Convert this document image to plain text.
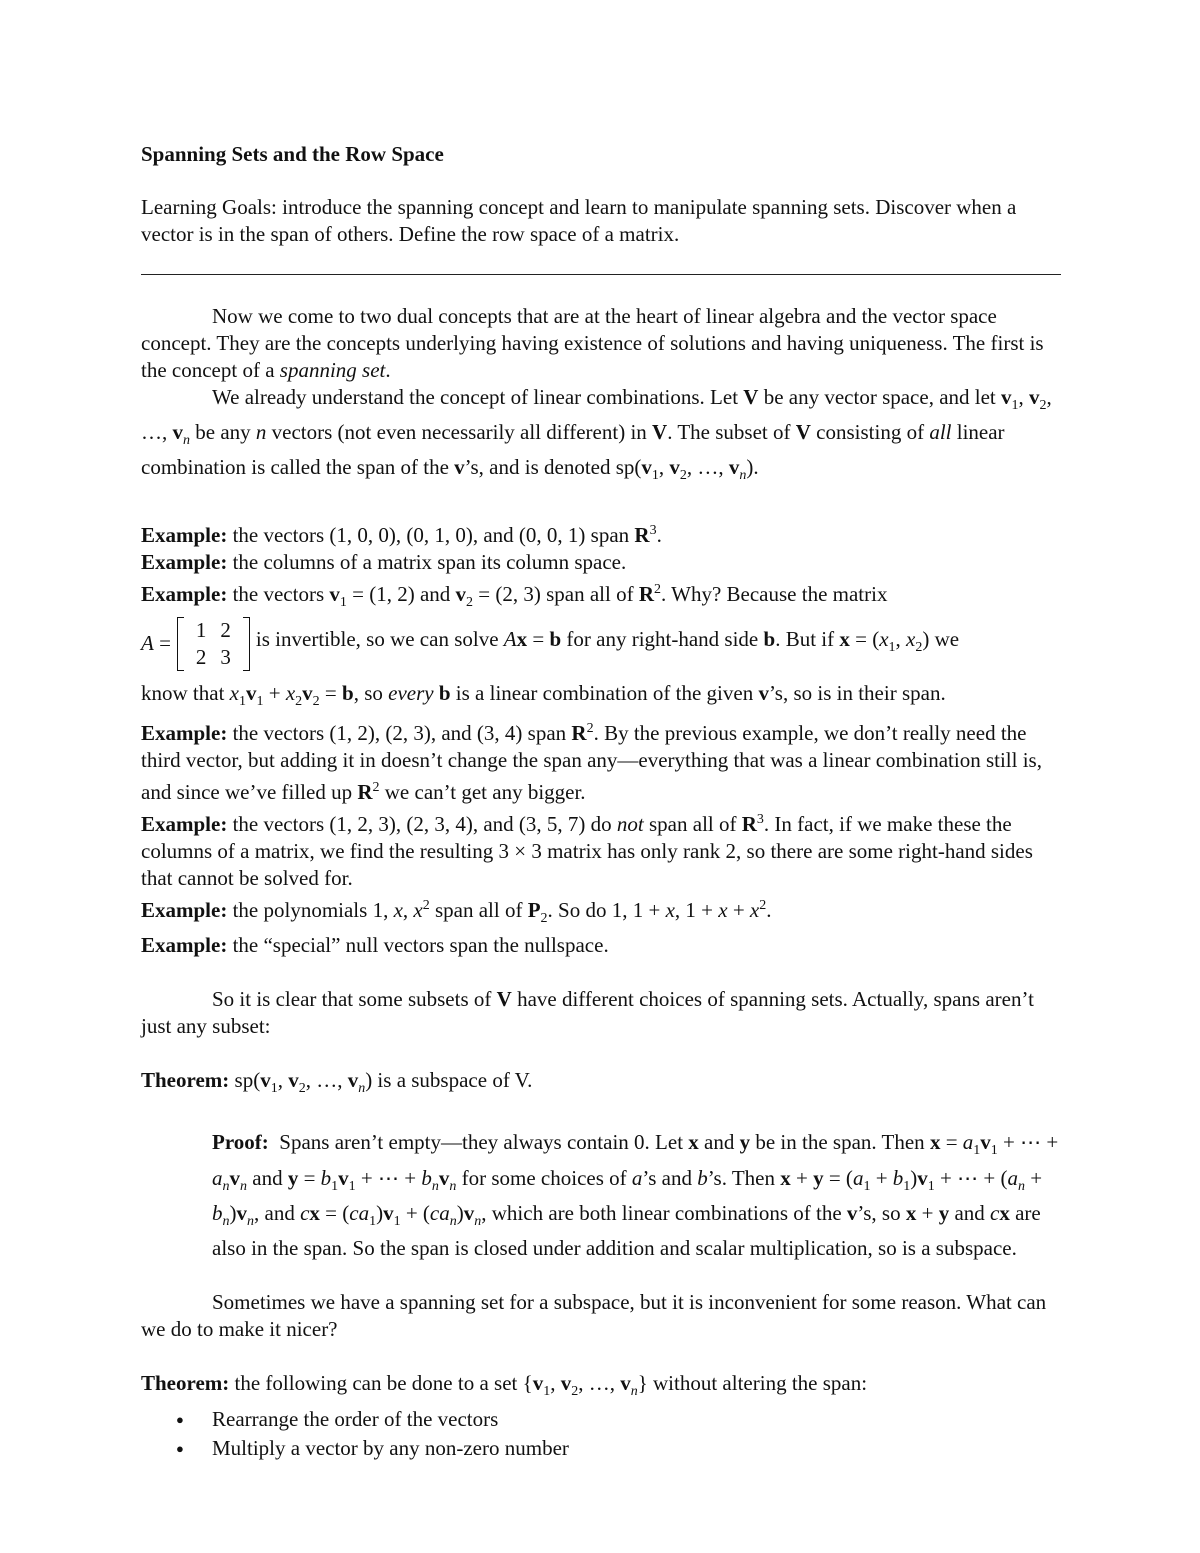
Spanning Sets and the Row Space

Learning Goals: introduce the spanning concept and learn to manipulate spanning sets. Discover when a vector is in the span of others. Define the row space of a matrix.

Now we come to two dual concepts that are at the heart of linear algebra and the vector space concept. They are the concepts underlying having existence of solutions and having uniqueness. The first is the concept of a spanning set.

We already understand the concept of linear combinations. Let V be any vector space, and let $v_1$, $v_2$, …, $v_n$ be any n vectors (not even necessarily all different) in V. The subset of V consisting of all linear combination is called the span of the v’s, and is denoted $sp(v_1$, $v_2$, …, $v_n$).

Example: the vectors (1, 0, 0), (0, 1, 0), and (0, 0, 1) span $R^3$.

Example: the columns of a matrix span its column space.

Example: the vectors $v_1 = (1$, 2) and $v_2 = (2$, 3) span all of $R^2$. Why? Because the matrix

A =
1	2
2	3
is invertible, so we can solve Ax = b for any right-hand side b. But if $x = (x_1$, $x_2$) we

know that $x_1v_1 + x_2v_2 = b$, so every b is a linear combination of the given v’s, so is in their span.

Example: the vectors (1, 2), (2, 3), and (3, 4) span $R^2$. By the previous example, we don’t really need the third vector, but adding it in doesn’t change the span any—everything that was a linear combination still is, and since we’ve filled up $R^2$ we can’t get any bigger.

Example: the vectors (1, 2, 3), (2, 3, 4), and (3, 5, 7) do not span all of $R^3$. In fact, if we make these the columns of a matrix, we find the resulting 3 × 3 matrix has only rank 2, so there are some right-hand sides that cannot be solved for.

Example: the polynomials 1, x, $x^2$ span all of $P_2$. So do 1, 1 + x, $1 + x + x^2$.

Example: the “special” null vectors span the nullspace.

So it is clear that some subsets of V have different choices of spanning sets. Actually, spans aren’t just any subset:

Theorem: $sp(v_1$, $v_2$, …, $v_n$) is a subspace of V.

Proof: Spans aren’t empty—they always contain 0. Let x and y be in the span. Then $x = a_1v_1$ + ⋯ + $a_nv_n$ and $y = b_1v_1$ + ⋯ + $b_nv_n$ for some choices of a’s and b’s. Then $x + y = (a_1 + b_1)v_1$ + ⋯ + $(a_n + b_n)v_n$, and cx = $(ca_1)v_1 + (ca_n)v_n$, which are both linear combinations of the v’s, so x + y and cx are also in the span. So the span is closed under addition and scalar multiplication, so is a subspace.

Sometimes we have a spanning set for a subspace, but it is inconvenient for some reason. What can we do to make it nicer?

Theorem: the following can be done to a set {$v_1$, $v_2$, …, $v_n$} without altering the span:

● Rearrange the order of the vectors
● Multiply a vector by any non-zero number
